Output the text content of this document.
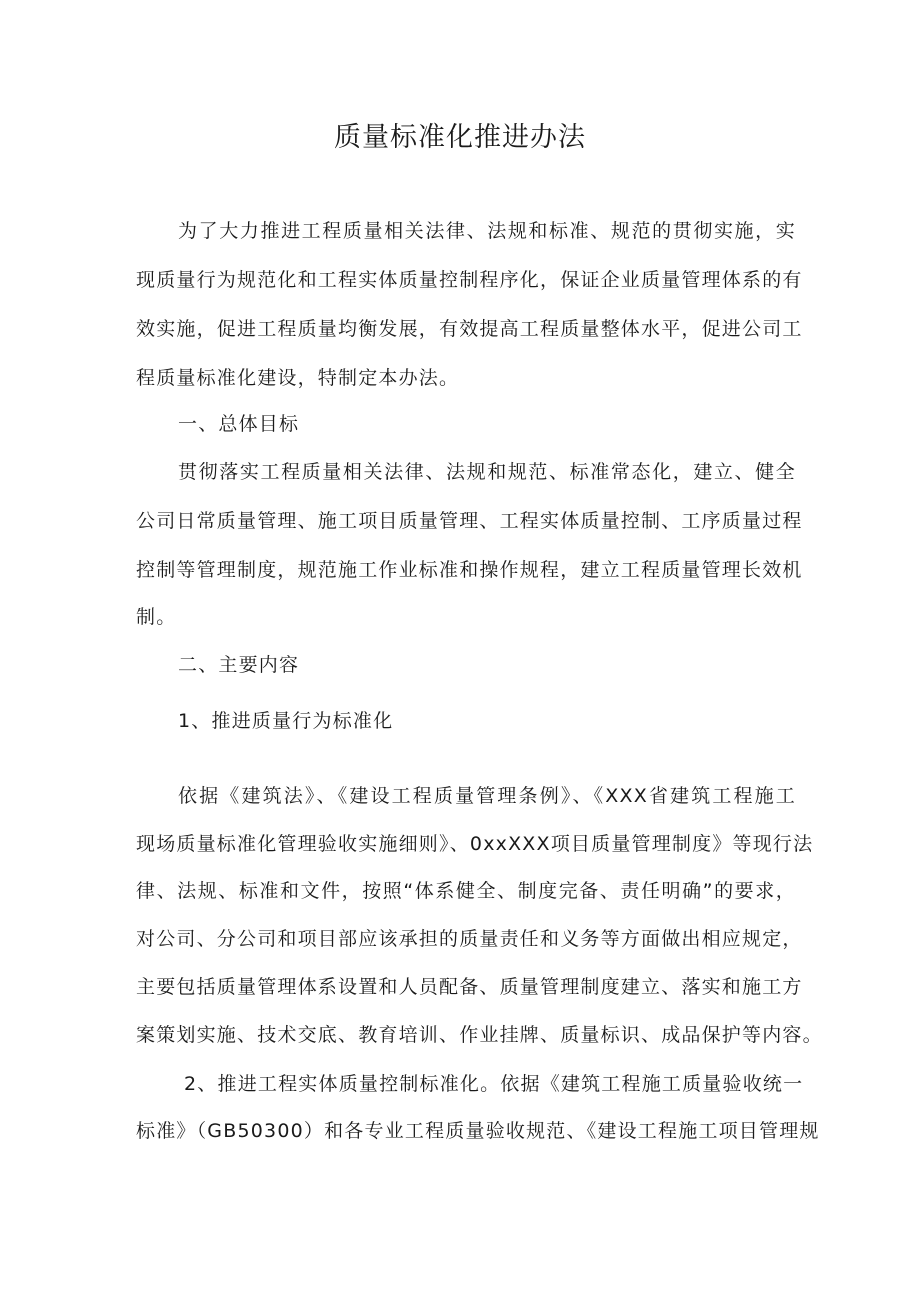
质量标准化推进办法
为了大力推进工程质量相关法律、法规和标准、规范的贯彻实施，实
现质量行为规范化和工程实体质量控制程序化，保证企业质量管理体系的有
效实施，促进工程质量均衡发展，有效提高工程质量整体水平，促进公司工
程质量标准化建设，特制定本办法。
一、总体目标
贯彻落实工程质量相关法律、法规和规范、标准常态化，建立、健全
公司日常质量管理、施工项目质量管理、工程实体质量控制、工序质量过程
控制等管理制度，规范施工作业标准和操作规程，建立工程质量管理长效机
制。
二、主要内容
1、推进质量行为标准化
依据《建筑法》、《建设工程质量管理条例》、《XXX省建筑工程施工
现场质量标准化管理验收实施细则》、0xxXXX项目质量管理制度》等现行法
律、法规、标准和文件，按照“体系健全、制度完备、责任明确”的要求，
对公司、分公司和项目部应该承担的质量责任和义务等方面做出相应规定，
主要包括质量管理体系设置和人员配备、质量管理制度建立、落实和施工方
案策划实施、技术交底、教育培训、作业挂牌、质量标识、成品保护等内容。
2、推进工程实体质量控制标准化。依据《建筑工程施工质量验收统一
标准》（GB50300）和各专业工程质量验收规范、《建设工程施工项目管理规
